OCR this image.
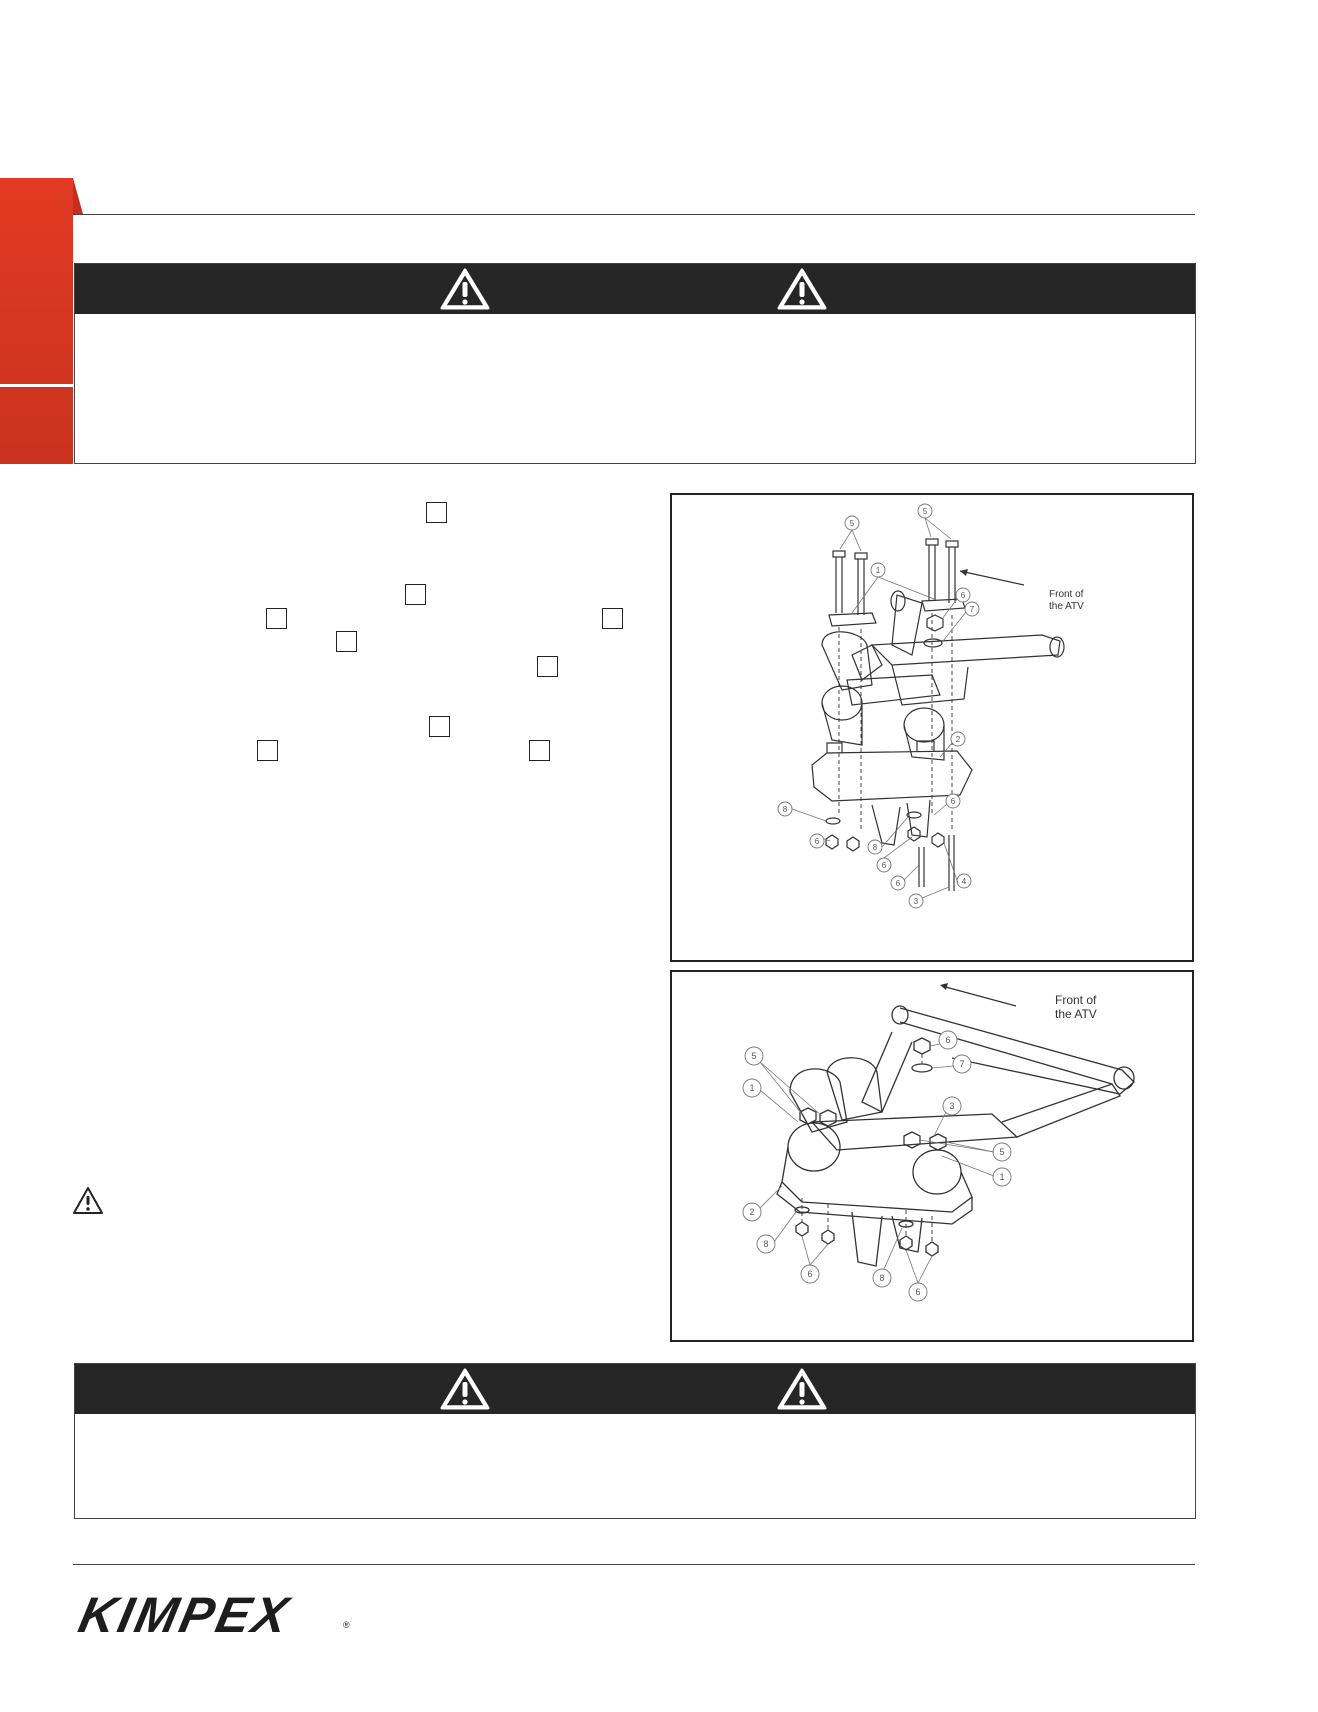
5
5
1
6
7
2
8
6
6
8
6
6
3
4
Front of
the ATV
6
7
5
1
3
5
1
2
8
6	8
6
Front of
the ATV
KIMPEX	®
